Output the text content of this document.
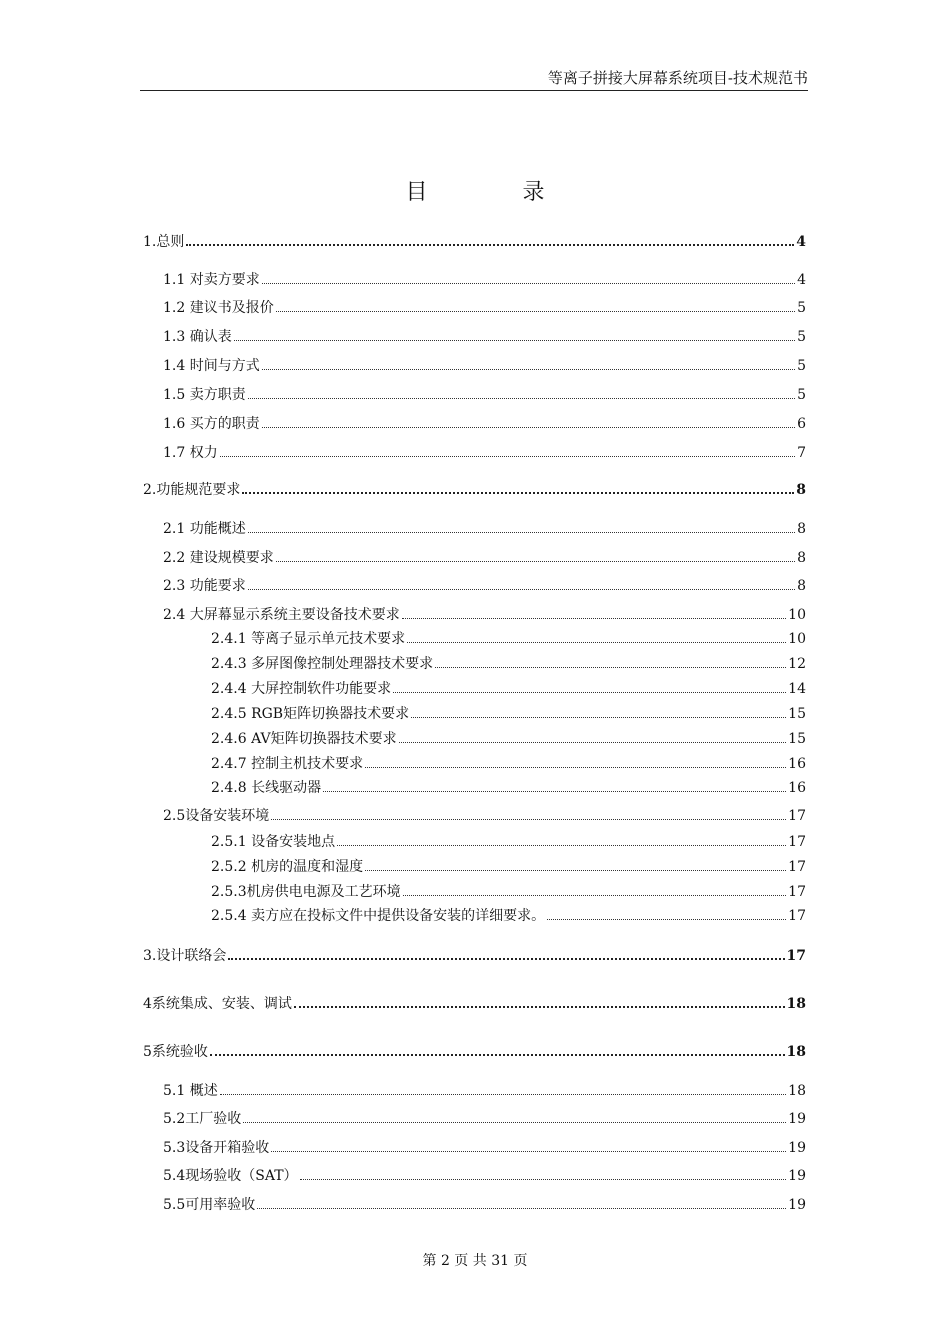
等离子拼接大屏幕系统项目-技术规范书
目 录
1.总则	4
1.1 对卖方要求	4
1.2 建议书及报价	5
1.3 确认表	5
1.4 时间与方式	5
1.5 卖方职责	5
1.6 买方的职责	6
1.7 权力	7
2.功能规范要求	8
2.1 功能概述	8
2.2 建设规模要求	8
2.3 功能要求	8
2.4 大屏幕显示系统主要设备技术要求	10
2.4.1 等离子显示单元技术要求	10
2.4.3 多屏图像控制处理器技术要求	12
2.4.4 大屏控制软件功能要求	14
2.4.5 RGB矩阵切换器技术要求	15
2.4.6 AV矩阵切换器技术要求	15
2.4.7 控制主机技术要求	16
2.4.8 长线驱动器	16
2.5设备安装环境	17
2.5.1 设备安装地点	17
2.5.2 机房的温度和湿度	17
2.5.3机房供电电源及工艺环境	17
2.5.4 卖方应在投标文件中提供设备安装的详细要求。	17
3.设计联络会	17
4系统集成、安装、调试	18
5系统验收	18
5.1 概述	18
5.2工厂验收	19
5.3设备开箱验收	19
5.4现场验收（SAT）	19
5.5可用率验收	19
第 2 页 共 31 页
